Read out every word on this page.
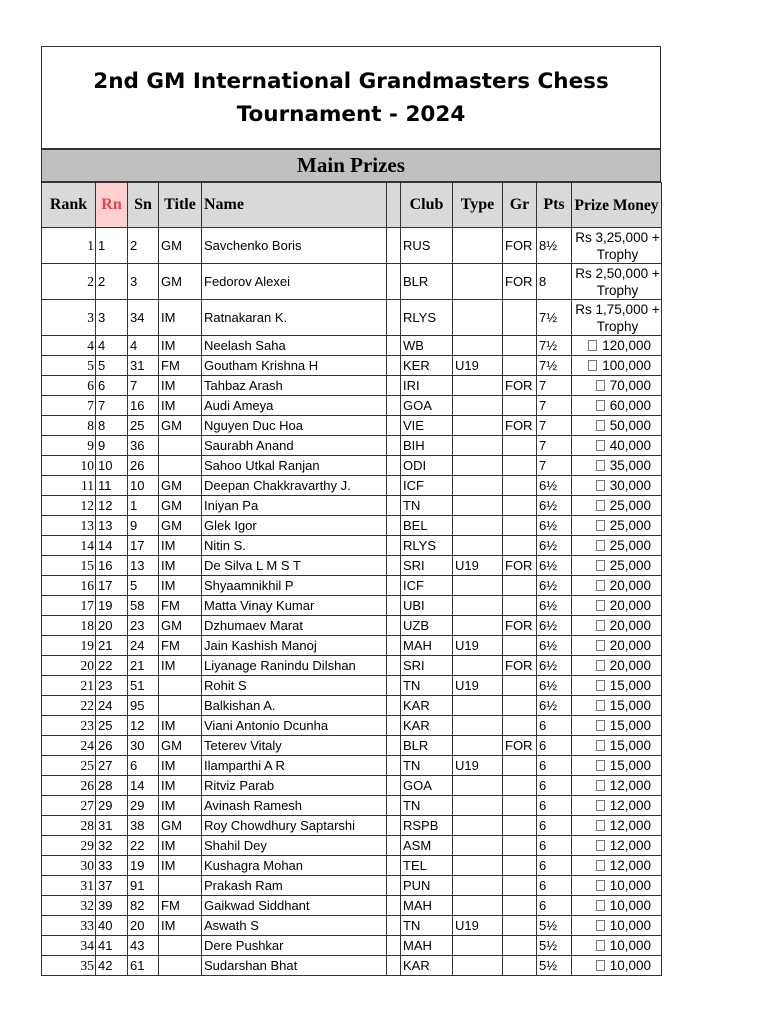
2nd GM International Grandmasters Chess Tournament - 2024
Main Prizes
Rank	Rn	Sn	Title	Name		Club	Type	Gr	Pts	Prize Money
1	1	2	GM	Savchenko Boris		RUS		FOR	8½	Rs 3,25,000 + Trophy
2	2	3	GM	Fedorov Alexei		BLR		FOR	8	Rs 2,50,000 + Trophy
3	3	34	IM	Ratnakaran K.		RLYS			7½	Rs 1,75,000 + Trophy
4	4	4	IM	Neelash Saha		WB			7½	120,000
5	5	31	FM	Goutham Krishna H		KER	U19		7½	100,000
6	6	7	IM	Tahbaz Arash		IRI		FOR	7	70,000
7	7	16	IM	Audi Ameya		GOA			7	60,000
8	8	25	GM	Nguyen Duc Hoa		VIE		FOR	7	50,000
9	9	36		Saurabh Anand		BIH			7	40,000
10	10	26		Sahoo Utkal Ranjan		ODI			7	35,000
11	11	10	GM	Deepan Chakkravarthy J.		ICF			6½	30,000
12	12	1	GM	Iniyan Pa		TN			6½	25,000
13	13	9	GM	Glek Igor		BEL			6½	25,000
14	14	17	IM	Nitin S.		RLYS			6½	25,000
15	16	13	IM	De Silva L M S T		SRI	U19	FOR	6½	25,000
16	17	5	IM	Shyaamnikhil P		ICF			6½	20,000
17	19	58	FM	Matta Vinay Kumar		UBI			6½	20,000
18	20	23	GM	Dzhumaev Marat		UZB		FOR	6½	20,000
19	21	24	FM	Jain Kashish Manoj		MAH	U19		6½	20,000
20	22	21	IM	Liyanage Ranindu Dilshan		SRI		FOR	6½	20,000
21	23	51		Rohit S		TN	U19		6½	15,000
22	24	95		Balkishan A.		KAR			6½	15,000
23	25	12	IM	Viani Antonio Dcunha		KAR			6	15,000
24	26	30	GM	Teterev Vitaly		BLR		FOR	6	15,000
25	27	6	IM	Ilamparthi A R		TN	U19		6	15,000
26	28	14	IM	Ritviz Parab		GOA			6	12,000
27	29	29	IM	Avinash Ramesh		TN			6	12,000
28	31	38	GM	Roy Chowdhury Saptarshi		RSPB			6	12,000
29	32	22	IM	Shahil Dey		ASM			6	12,000
30	33	19	IM	Kushagra Mohan		TEL			6	12,000
31	37	91		Prakash Ram		PUN			6	10,000
32	39	82	FM	Gaikwad Siddhant		MAH			6	10,000
33	40	20	IM	Aswath S		TN	U19		5½	10,000
34	41	43		Dere Pushkar		MAH			5½	10,000
35	42	61		Sudarshan Bhat		KAR			5½	10,000
